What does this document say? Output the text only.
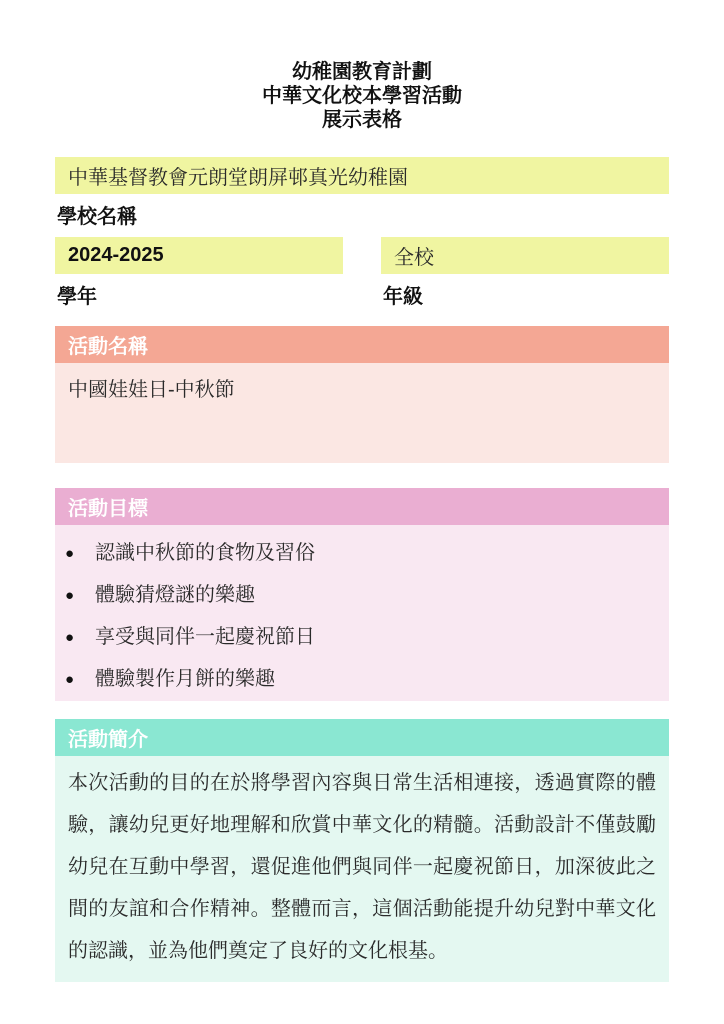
幼稚園教育計劃
中華文化校本學習活動
展示表格
中華基督教會元朗堂朗屏邨真光幼稚園
學校名稱
2024-2025
學年
全校
年級
活動名稱
中國娃娃日-中秋節
活動目標
● 認識中秋節的食物及習俗
● 體驗猜燈謎的樂趣
● 享受與同伴一起慶祝節日
● 體驗製作月餅的樂趣
活動簡介

本次活動的目的在於將學習內容與日常生活相連接，透過實際的體驗，讓幼兒更好地理解和欣賞中華文化的精髓。活動設計不僅鼓勵幼兒在互動中學習，還促進他們與同伴一起慶祝節日，加深彼此之間的友誼和合作精神。整體而言，這個活動能提升幼兒對中華文化的認識，並為他們奠定了良好的文化根基。
